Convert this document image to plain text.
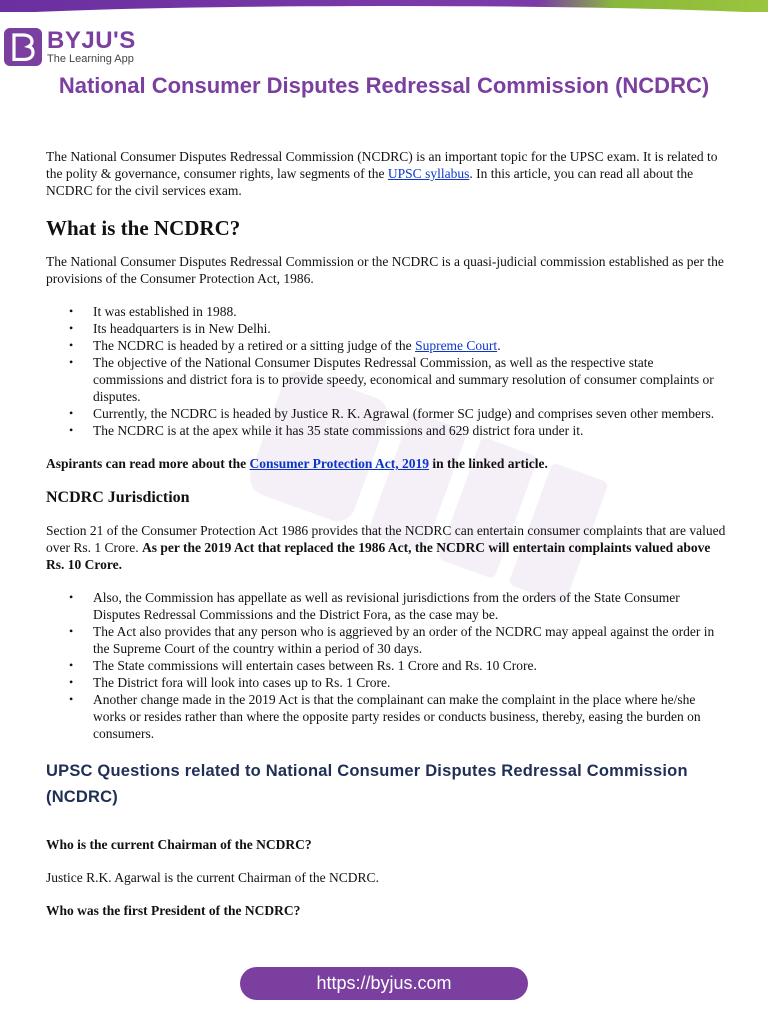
BYJU'S
The Learning App
National Consumer Disputes Redressal Commission (NCDRC)

The National Consumer Disputes Redressal Commission (NCDRC) is an important topic for the UPSC exam. It is related to the polity & governance, consumer rights, law segments of the UPSC syllabus. In this article, you can read all about the NCDRC for the civil services exam.

What is the NCDRC?

The National Consumer Disputes Redressal Commission or the NCDRC is a quasi-judicial commission established as per the provisions of the Consumer Protection Act, 1986.

• It was established in 1988.
• Its headquarters is in New Delhi.
• The NCDRC is headed by a retired or a sitting judge of the Supreme Court.
• The objective of the National Consumer Disputes Redressal Commission, as well as the respective state commissions and district fora is to provide speedy, economical and summary resolution of consumer complaints or disputes.
• Currently, the NCDRC is headed by Justice R. K. Agrawal (former SC judge) and comprises seven other members.
• The NCDRC is at the apex while it has 35 state commissions and 629 district fora under it.

Aspirants can read more about the Consumer Protection Act, 2019 in the linked article.

NCDRC Jurisdiction

Section 21 of the Consumer Protection Act 1986 provides that the NCDRC can entertain consumer complaints that are valued over Rs. 1 Crore. As per the 2019 Act that replaced the 1986 Act, the NCDRC will entertain complaints valued above Rs. 10 Crore.

• Also, the Commission has appellate as well as revisional jurisdictions from the orders of the State Consumer Disputes Redressal Commissions and the District Fora, as the case may be.
• The Act also provides that any person who is aggrieved by an order of the NCDRC may appeal against the order in the Supreme Court of the country within a period of 30 days.
• The State commissions will entertain cases between Rs. 1 Crore and Rs. 10 Crore.
• The District fora will look into cases up to Rs. 1 Crore.
• Another change made in the 2019 Act is that the complainant can make the complaint in the place where he/she works or resides rather than where the opposite party resides or conducts business, thereby, easing the burden on consumers.
UPSC Questions related to National Consumer Disputes Redressal Commission (NCDRC)

Who is the current Chairman of the NCDRC?

Justice R.K. Agarwal is the current Chairman of the NCDRC.

Who was the first President of the NCDRC?

https://byjus.com
